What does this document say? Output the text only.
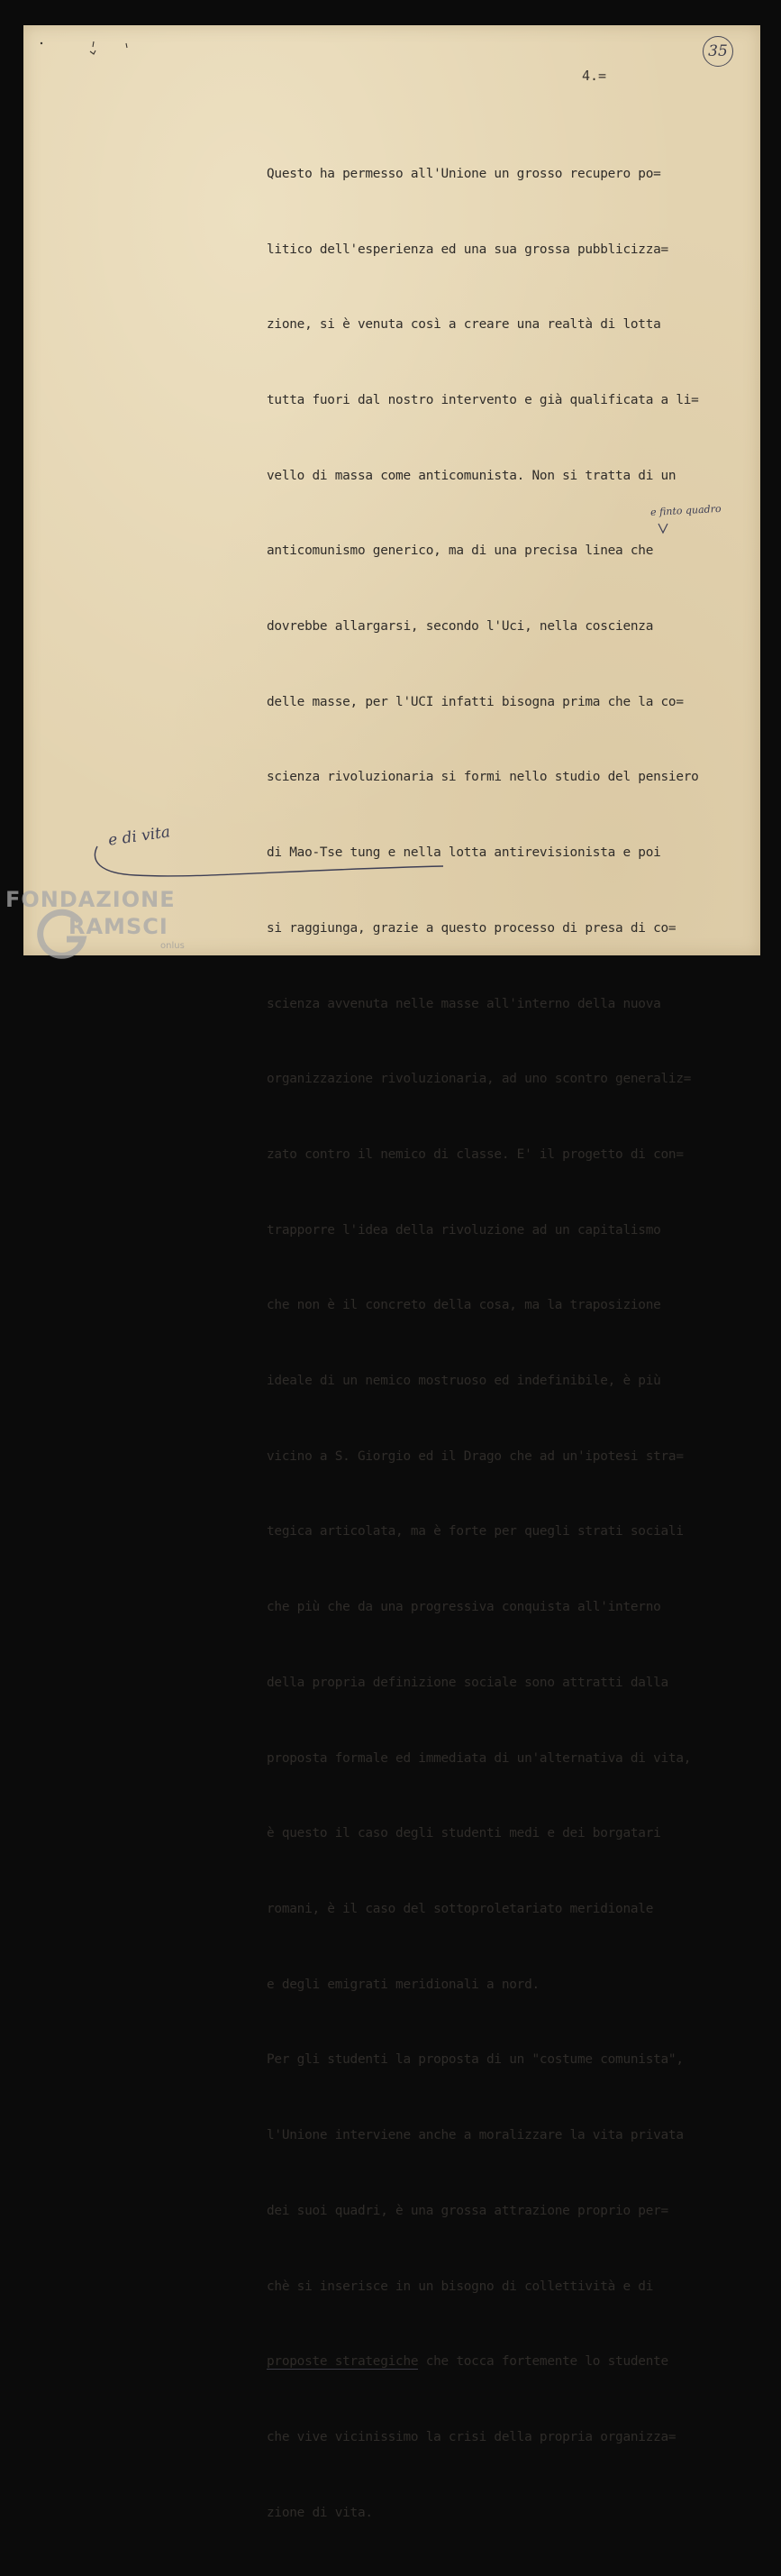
35
4.=

Questo ha permesso all'Unione un grosso recupero po=

litico dell'esperienza ed una sua grossa pubblicizza=

zione, si è venuta così a creare una realtà di lotta

tutta fuori dal nostro intervento e già qualificata a li=

vello di massa come anticomunista. Non si tratta di un

anticomunismo generico, ma di una precisa linea che

dovrebbe allargarsi, secondo l'Uci, nella coscienza

delle masse, per l'UCI infatti bisogna prima che la co=

scienza rivoluzionaria si formi nello studio del pensiero

di Mao-Tse tung e nella lotta antirevisionista e poi

si raggiunga, grazie a questo processo di presa di co=

scienza avvenuta nelle masse all'interno della nuova

organizzazione rivoluzionaria, ad uno scontro generaliz=

zato contro il nemico di classe. E' il progetto di con=

trapporre l'idea della rivoluzione ad un capitalismo

che non è il concreto della cosa, ma la traposizione

ideale di un nemico mostruoso ed indefinibile, è più

vicino a S. Giorgio ed il Drago che ad un'ipotesi stra=

tegica articolata, ma è forte per quegli strati sociali

che più che da una progressiva conquista all'interno

della propria definizione sociale sono attratti dalla

proposta formale ed immediata di un'alternativa di vita,

è questo il caso degli studenti medi e dei borgatari

romani, è il caso del sottoproletariato meridionale

e degli emigrati meridionali a nord.

Per gli studenti la proposta di un "costume comunista",

l'Unione interviene anche a moralizzare la vita privata

dei suoi quadri, è una grossa attrazione proprio per=

chè si inserisce in un bisogno di collettività e di

proposte strategiche che tocca fortemente lo studente

che vive vicinissimo la crisi della propria organizza=

zione di vita.

e finto quadro
e di vita
FONDAZIONE
RAMSCI
onlus
